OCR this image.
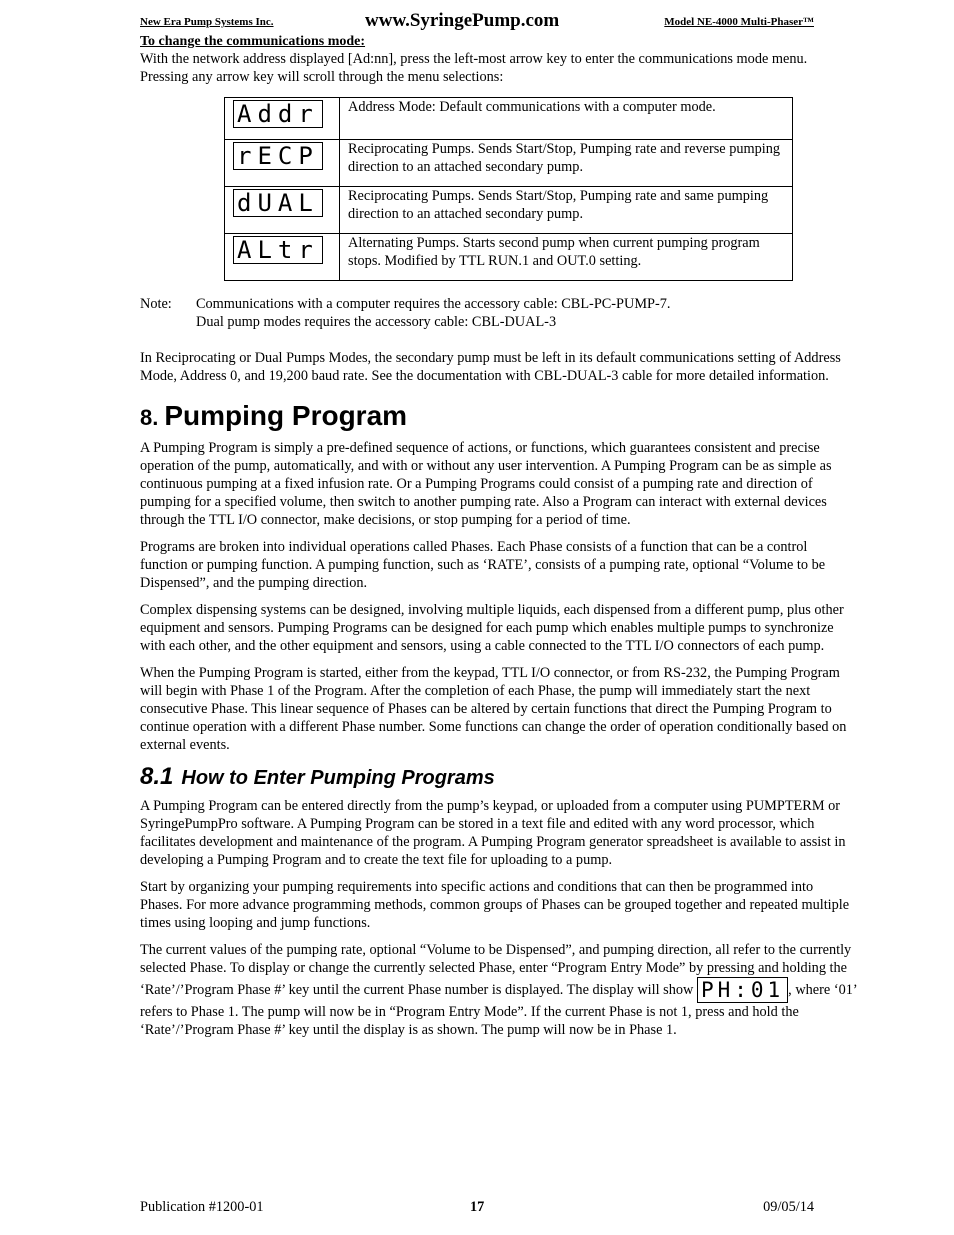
New Era Pump Systems Inc.	www.SyringePump.com	Model NE-4000 Multi-Phaser™
To change the communications mode:

With the network address displayed [Ad:nn], press the left-most arrow key to enter the communications mode menu. Pressing any arrow key will scroll through the menu selections:

Addr	Address Mode: Default communications with a computer mode.
rECP	Reciprocating Pumps. Sends Start/Stop, Pumping rate and reverse pumping direction to an attached secondary pump.
dUAL	Reciprocating Pumps. Sends Start/Stop, Pumping rate and same pumping direction to an attached secondary pump.
ALtr	Alternating Pumps. Starts second pump when current pumping program stops. Modified by TTL RUN.1 and OUT.0 setting.
Note: Communications with a computer requires the accessory cable: CBL-PC-PUMP-7.

Dual pump modes requires the accessory cable: CBL-DUAL-3

In Reciprocating or Dual Pumps Modes, the secondary pump must be left in its default communications setting of Address Mode, Address 0, and 19,200 baud rate. See the documentation with CBL-DUAL-3 cable for more detailed information.

8. Pumping Program

A Pumping Program is simply a pre-defined sequence of actions, or functions, which guarantees consistent and precise operation of the pump, automatically, and with or without any user intervention. A Pumping Program can be as simple as continuous pumping at a fixed infusion rate. Or a Pumping Programs could consist of a pumping rate and direction of pumping for a specified volume, then switch to another pumping rate. Also a Program can interact with external devices through the TTL I/O connector, make decisions, or stop pumping for a period of time.

Programs are broken into individual operations called Phases. Each Phase consists of a function that can be a control function or pumping function. A pumping function, such as ‘RATE’, consists of a pumping rate, optional “Volume to be Dispensed”, and the pumping direction.

Complex dispensing systems can be designed, involving multiple liquids, each dispensed from a different pump, plus other equipment and sensors. Pumping Programs can be designed for each pump which enables multiple pumps to synchronize with each other, and the other equipment and sensors, using a cable connected to the TTL I/O connectors of each pump.

When the Pumping Program is started, either from the keypad, TTL I/O connector, or from RS-232, the Pumping Program will begin with Phase 1 of the Program. After the completion of each Phase, the pump will immediately start the next consecutive Phase. This linear sequence of Phases can be altered by certain functions that direct the Pumping Program to continue operation with a different Phase number. Some functions can change the order of operation conditionally based on external events.

8.1 How to Enter Pumping Programs

A Pumping Program can be entered directly from the pump’s keypad, or uploaded from a computer using PUMPTERM or SyringePumpPro software. A Pumping Program can be stored in a text file and edited with any word processor, which facilitates development and maintenance of the program. A Pumping Program generator spreadsheet is available to assist in developing a Pumping Program and to create the text file for uploading to a pump.

Start by organizing your pumping requirements into specific actions and conditions that can then be programmed into Phases. For more advance programming methods, common groups of Phases can be grouped together and repeated multiple times using looping and jump functions.

The current values of the pumping rate, optional “Volume to be Dispensed”, and pumping direction, all refer to the currently selected Phase. To display or change the currently selected Phase, enter “Program Entry Mode” by pressing and holding the ‘Rate’/’Program Phase #’ key until the current Phase number is displayed. The display will show PH:01 , where ‘01’ refers to Phase 1. The pump will now be in “Program Entry Mode”. If the current Phase is not 1, press and hold the ‘Rate’/’Program Phase #’ key until the display is as shown. The pump will now be in Phase 1.

Publication #1200-01	17	09/05/14
